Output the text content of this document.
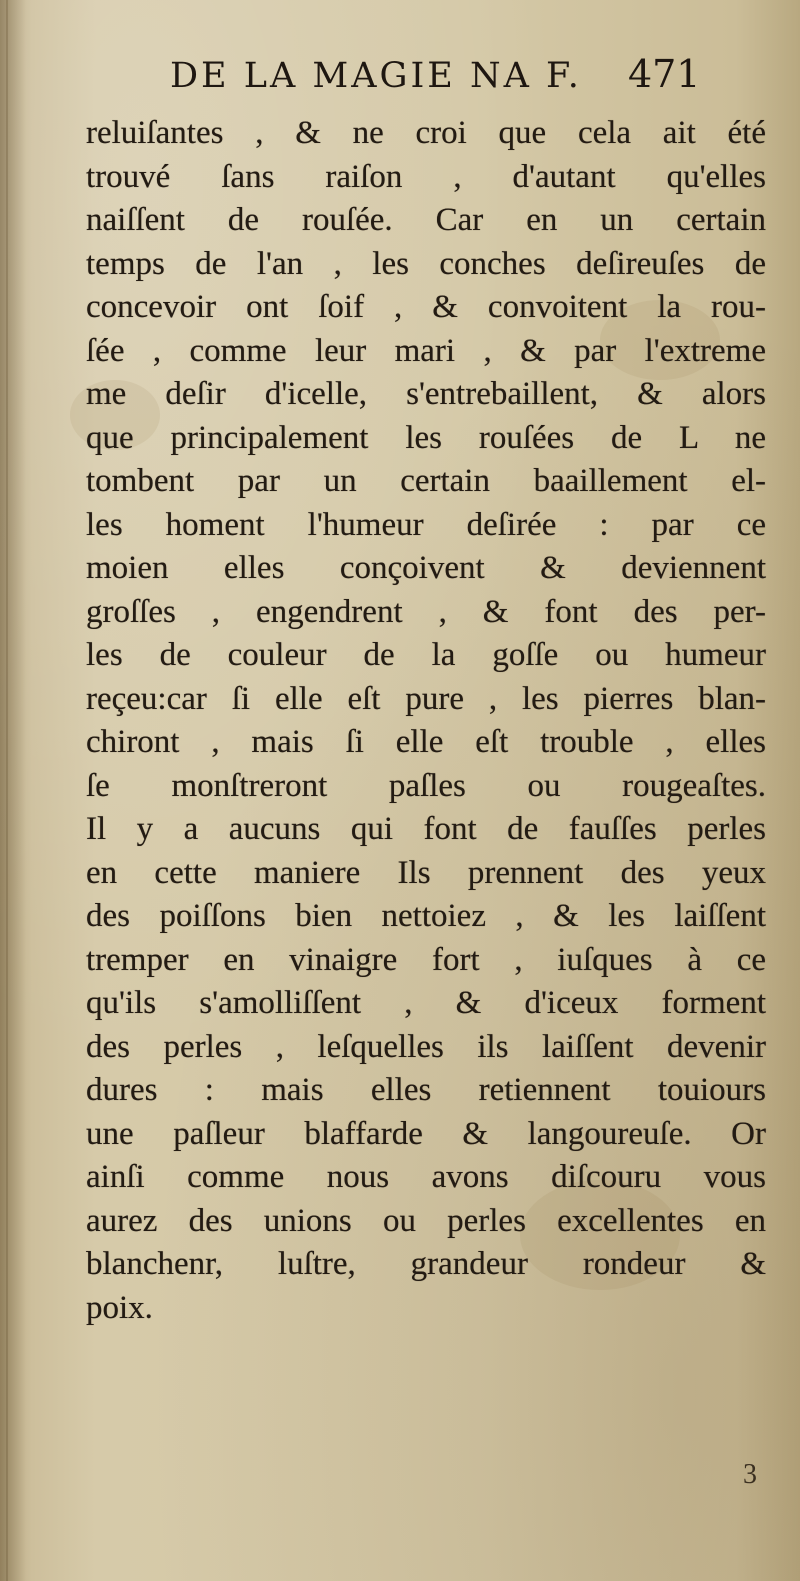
DE LA MAGIE NA F. 471
reluiſantes , & ne croi que cela ait été
trouvé ſans raiſon , d'autant qu'elles
naiſſent de rouſée. Car en un certain
temps de l'an , les conches deſireuſes de
concevoir ont ſoif , & convoitent la rou-
ſée , comme leur mari , & par l'extreme
me deſir d'icelle, s'entrebaillent, & alors
que principalement les rouſées de L ne
tombent par un certain baaillement el-
les homent l'humeur deſirée : par ce
moien elles conçoivent & deviennent
groſſes , engendrent , & font des per-
les de couleur de la goſſe ou humeur
reçeu:car ſi elle eſt pure , les pierres blan-
chiront , mais ſi elle eſt trouble , elles
ſe monſtreront paſles ou rougeaſtes.
Il y a aucuns qui font de fauſſes perles
en cette maniere Ils prennent des yeux
des poiſſons bien nettoiez , & les laiſſent
tremper en vinaigre fort , iuſques à ce
qu'ils s'amolliſſent , & d'iceux forment
des perles , leſquelles ils laiſſent devenir
dures : mais elles retiennent touiours
une paſleur blaffarde & langoureuſe. Or
ainſi comme nous avons diſcouru vous
aurez des unions ou perles excellentes en
blanchenr, luſtre, grandeur rondeur &
poix.
3
